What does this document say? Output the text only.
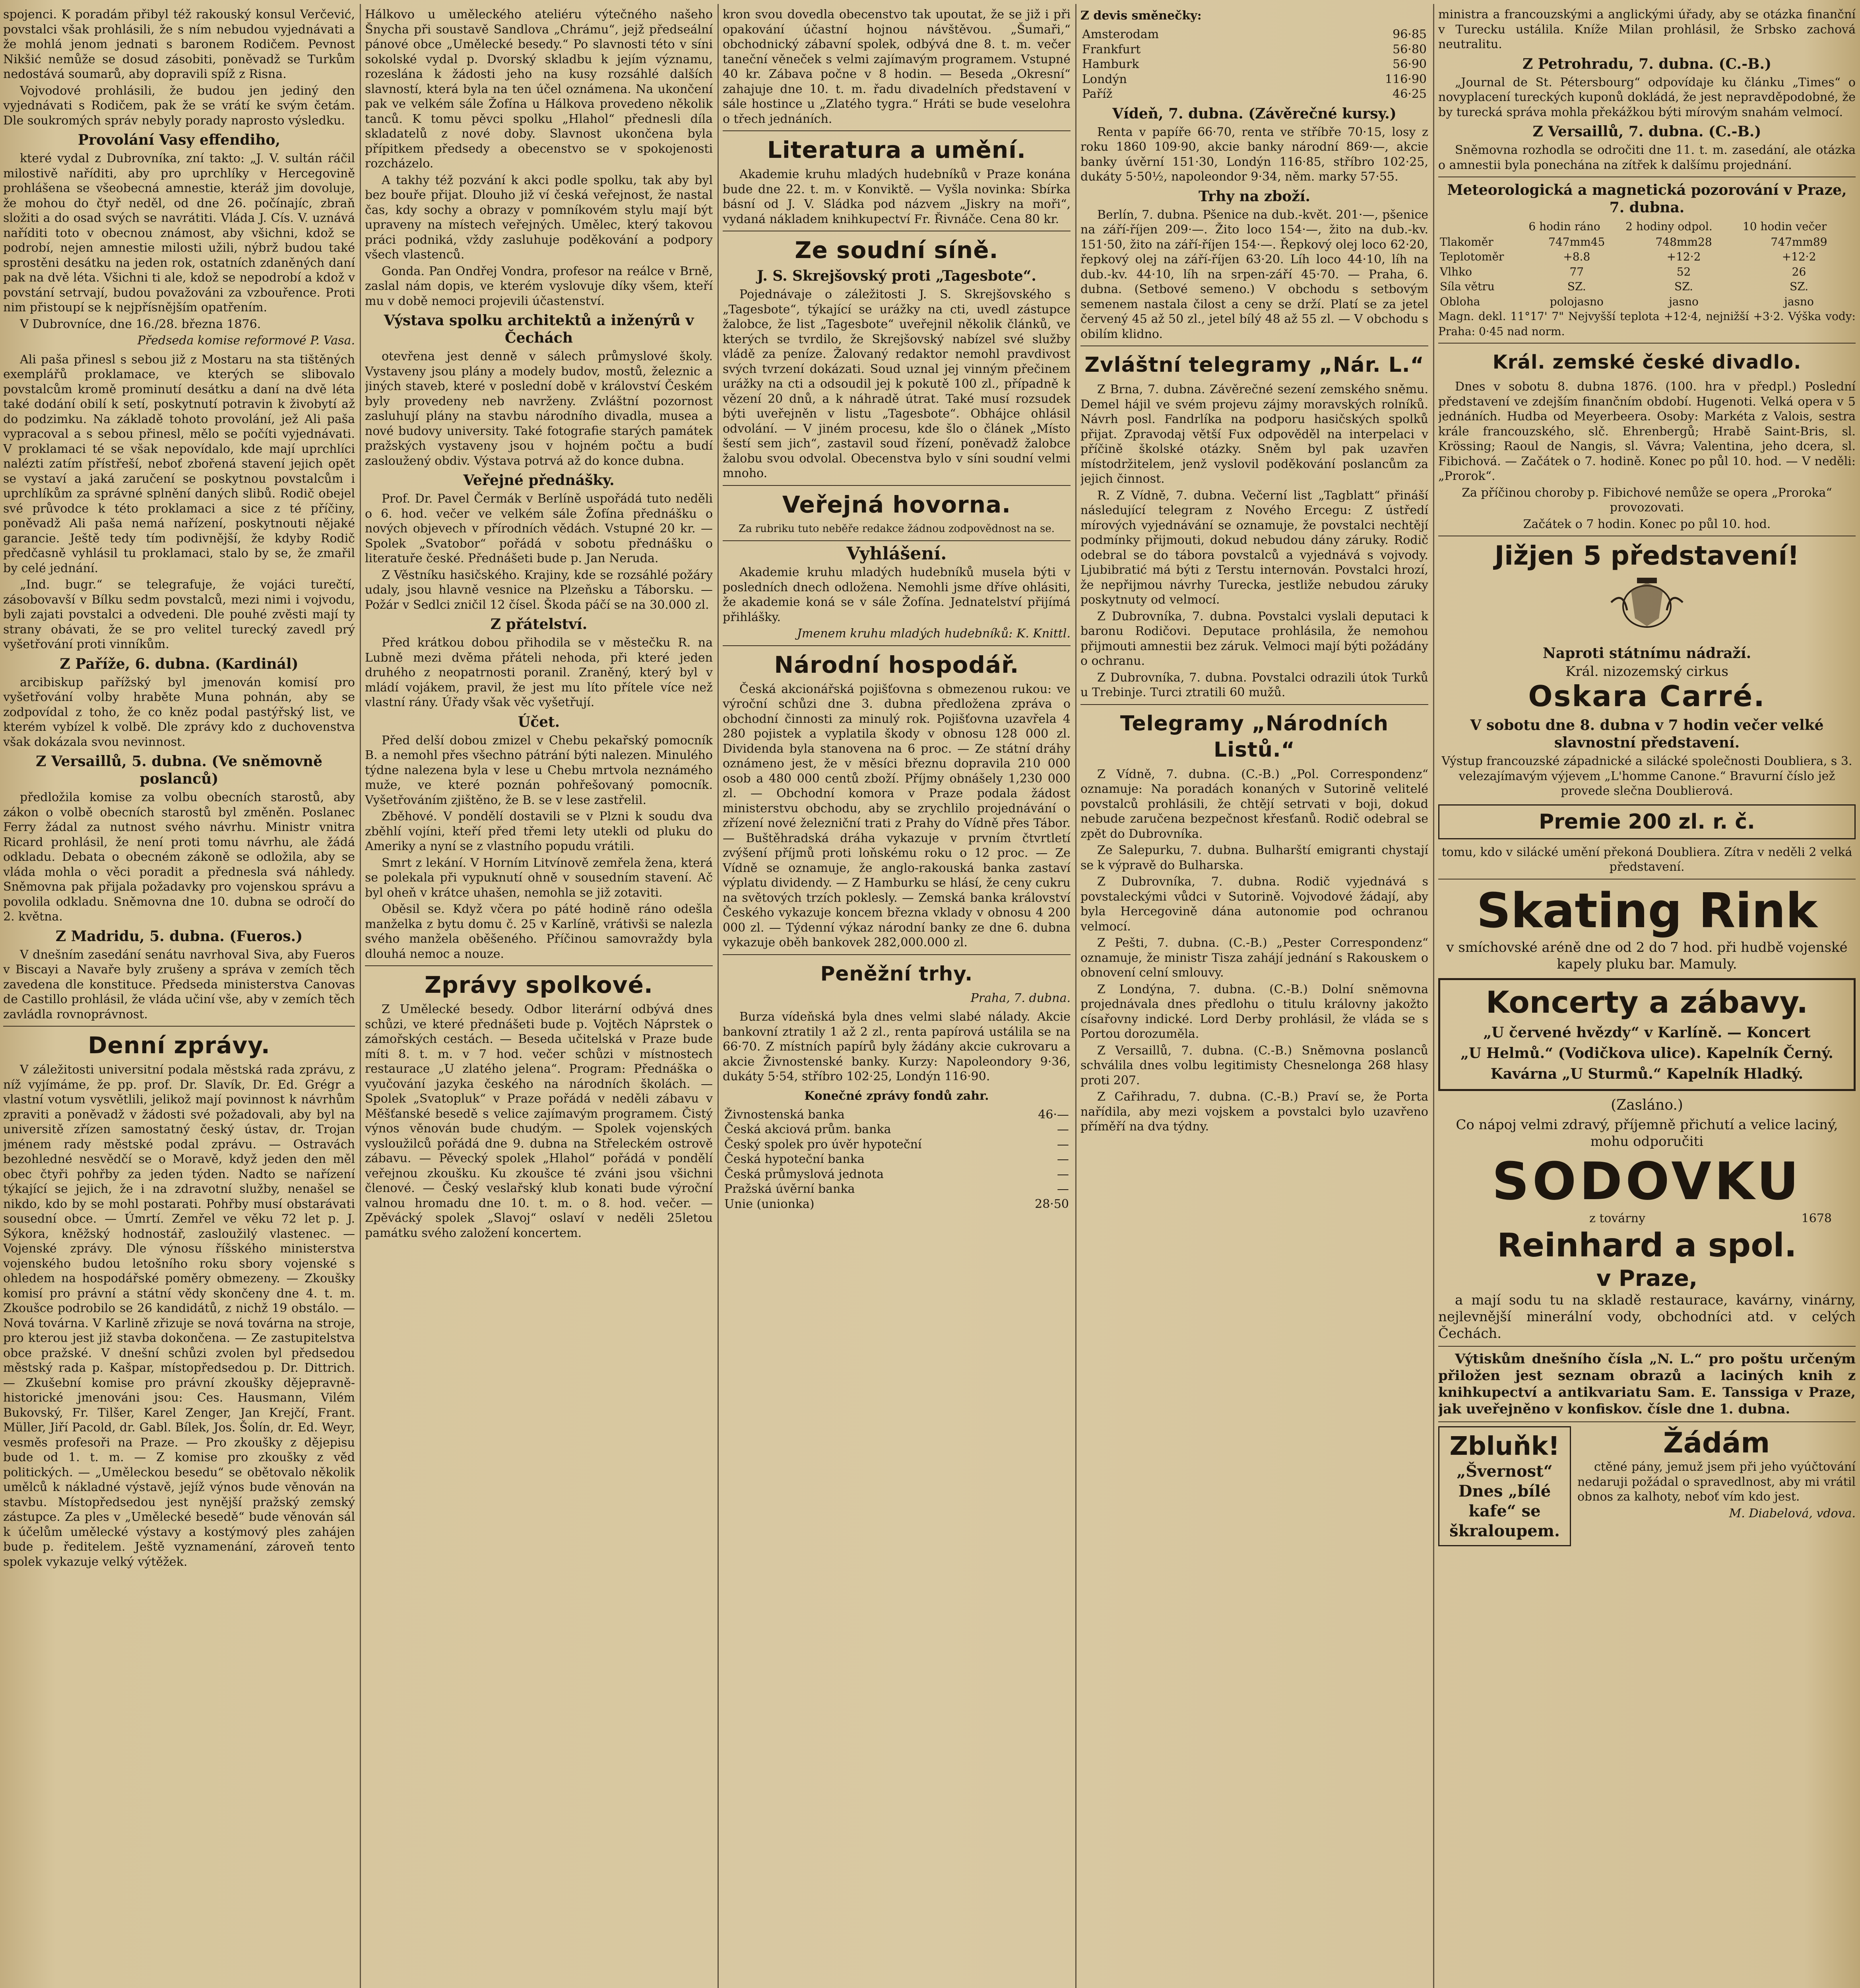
spojenci. K poradám přibyl též rakouský konsul Verčević, povstalci však prohlásili, že s ním nebudou vyjednávati a že mohlá jenom jednati s baronem Rodičem. Pevnost Nikšić nemůže se dosud zásobiti, poněvadž se Turkům nedostává soumarů, aby dopravili spíž z Risna.

Vojvodové prohlásili, že budou jen jediný den vyjednávati s Rodičem, pak že se vrátí ke svým četám. Dle soukromých správ nebyly porady naprosto výsledku.

Provolání Vasy effendiho,

které vydal z Dubrovníka, zní takto: „J. V. sultán ráčil milostivě naříditi, aby pro uprchlíky v Hercegovině prohlášena se všeobecná amnestie, kteráž jim dovoluje, že mohou do čtyř neděl, od dne 26. počínajíc, zbraň složiti a do osad svých se navrátiti. Vláda J. Cís. V. uznává naříditi toto v obecnou známost, aby všichni, kdož se podrobí, nejen amnestie milosti užili, nýbrž budou také sprostěni desátku na jeden rok, ostatních zdaněných daní pak na dvě léta. Všichni ti ale, kdož se nepodrobí a kdož v povstání setrvají, budou považováni za vzbouřence. Proti nim přistoupí se k nejpřísnějším opatřením.

V Dubrovníce, dne 16./28. března 1876.

Předseda komise reformové P. Vasa.

Ali paša přinesl s sebou již z Mostaru na sta tištěných exemplářů proklamace, ve kterých se slibovalo povstalcům kromě prominutí desátku a daní na dvě léta také dodání obilí k setí, poskytnutí potravin k živobytí až do podzimku. Na základě tohoto provolání, jež Ali paša vypracoval a s sebou přinesl, mělo se počíti vyjednávati. V proklamaci té se však nepovídalo, kde mají uprchlíci nalézti zatím přístřeší, neboť zbořená stavení jejich opět se vystaví a jaká zaručení se poskytnou povstalcům i uprchlíkům za správné splnění daných slibů. Rodič obejel své průvodce k této proklamaci a sice z té příčiny, poněvadž Ali paša nemá nařízení, poskytnouti nějaké garancie. Ještě tedy tím podivnější, že kdyby Rodič předčasně vyhlásil tu proklamaci, stalo by se, že zmařil by celé jednání.

„Ind. bugr.“ se telegrafuje, že vojáci turečtí, zásobovavší v Bílku sedm povstalců, mezi nimi i vojvodu, byli zajati povstalci a odvedeni. Dle pouhé zvěsti mají ty strany obávati, že se pro velitel turecký zavedl prý vyšetřování proti vinníkům.

Z Paříže, 6. dubna. (Kardinál)

arcibiskup pařížský byl jmenován komisí pro vyšetřování volby hraběte Muna pohnán, aby se zodpovídal z toho, že co kněz podal pastýřský list, ve kterém vybízel k volbě. Dle zprávy kdo z duchovenstva však dokázala svou nevinnost.

Z Versaillů, 5. dubna. (Ve sněmovně poslanců)

předložila komise za volbu obecních starostů, aby zákon o volbě obecních starostů byl změněn. Poslanec Ferry žádal za nutnost svého návrhu. Ministr vnitra Ricard prohlásil, že není proti tomu návrhu, ale žádá odkladu. Debata o obecném zákoně se odložila, aby se vláda mohla o věci poradit a přednesla svá náhledy. Sněmovna pak přijala požadavky pro vojenskou správu a povolila odkladu. Sněmovna dne 10. dubna se odročí do 2. května.

Z Madridu, 5. dubna. (Fueros.)

V dnešním zasedání senátu navrhoval Siva, aby Fueros v Biscayi a Navaře byly zrušeny a správa v zemích těch zavedena dle konstituce. Předseda ministerstva Canovas de Castillo prohlásil, že vláda učiní vše, aby v zemích těch zavládla rovnoprávnost.

Denní zprávy.

V záležitosti universitní podala městská rada zprávu, z níž vyjímáme, že pp. prof. Dr. Slavík, Dr. Ed. Grégr a vlastní votum vysvětlili, jelikož mají povinnost k návrhům zpraviti a poněvadž v žádosti své požadovali, aby byl na universitě zřízen samostatný český ústav, dr. Trojan jménem rady městské podal zprávu. — Ostravách bezohledné nesvědčí se o Moravě, když jeden den měl obec čtyři pohřby za jeden týden. Nadto se nařízení týkající se jejich, že i na zdravotní služby, nenašel se nikdo, kdo by se mohl postarati. Pohřby musí obstarávati sousední obce. — Úmrtí. Zemřel ve věku 72 let p. J. Sýkora, kněžský hodnostář, zasloužilý vlastenec. — Vojenské zprávy. Dle výnosu říšského ministerstva vojenského budou letošního roku sbory vojenské s ohledem na hospodářské poměry obmezeny. — Zkoušky komisí pro právní a státní vědy skončeny dne 4. t. m. Zkoušce podrobilo se 26 kandidátů, z nichž 19 obstálo. — Nová továrna. V Karlině zřizuje se nová továrna na stroje, pro kterou jest již stavba dokončena. — Ze zastupitelstva obce pražské. V dnešní schůzi zvolen byl předsedou městský rada p. Kašpar, místopředsedou p. Dr. Dittrich. — Zkušební komise pro právní zkoušky dějepravně-historické jmenováni jsou: Ces. Hausmann, Vilém Bukovský, Fr. Tilšer, Karel Zenger, Jan Krejčí, Frant. Müller, Jiří Pacold, dr. Gabl. Bílek, Jos. Šolín, dr. Ed. Weyr, vesměs profesoři na Praze. — Pro zkoušky z dějepisu bude od 1. t. m. — Z komise pro zkoušky z věd politických. — „Uměleckou besedu“ se obětovalo několik umělců k nákladné výstavě, jejíž výnos bude věnován na stavbu. Místopředsedou jest nynější pražský zemský zástupce. Za ples v „Umělecké besedě“ bude věnován sál k účelům umělecké výstavy a kostýmový ples zahájen bude p. ředitelem. Ještě vyznamenání, zároveň tento spolek vykazuje velký výtěžek.

Hálkovo u uměleckého ateliéru výtečného našeho Šnycha při soustavě Sandlova „Chrámu“, jejž předseální pánové obce „Umělecké besedy.“ Po slavnosti této v síni sokolské vydal p. Dvorský skladbu k jejím významu, rozeslána k žádosti jeho na kusy rozsáhlé dalších slavností, která byla na ten účel oznámena. Na ukončení pak ve velkém sále Žofína u Hálkova provedeno několik tanců. K tomu pěvci spolku „Hlahol“ přednesli díla skladatelů z nové doby. Slavnost ukončena byla přípitkem předsedy a obecenstvo se v spokojenosti rozcházelo.

A takhy též pozvání k akci podle spolku, tak aby byl bez bouře přijat. Dlouho již ví česká veřejnost, že nastal čas, kdy sochy a obrazy v pomníkovém stylu mají být upraveny na místech veřejných. Umělec, který takovou práci podniká, vždy zasluhuje poděkování a podpory všech vlastenců.

Gonda. Pan Ondřej Vondra, profesor na reálce v Brně, zaslal nám dopis, ve kterém vyslovuje díky všem, kteří mu v době nemoci projevili účastenství.

Výstava spolku architektů a inženýrů v Čechách

otevřena jest denně v sálech průmyslové školy. Vystaveny jsou plány a modely budov, mostů, železnic a jiných staveb, které v poslední době v království Českém byly provedeny neb navrženy. Zvláštní pozornost zasluhují plány na stavbu národního divadla, musea a nové budovy university. Také fotografie starých památek pražských vystaveny jsou v hojném počtu a budí zasloužený obdiv. Výstava potrvá až do konce dubna.

Veřejné přednášky.

Prof. Dr. Pavel Čermák v Berlíně uspořádá tuto neděli o 6. hod. večer ve velkém sále Žofína přednášku o nových objevech v přírodních vědách. Vstupné 20 kr. — Spolek „Svatobor“ pořádá v sobotu přednášku o literatuře české. Přednášeti bude p. Jan Neruda.

Z Věstníku hasičského. Krajiny, kde se rozsáhlé požáry udaly, jsou hlavně vesnice na Plzeňsku a Táborsku. — Požár v Sedlci zničil 12 čísel. Škoda páčí se na 30.000 zl.

Z přátelství.

Před krátkou dobou přihodila se v městečku R. na Lubně mezi dvěma přáteli nehoda, při které jeden druhého z neopatrnosti poranil. Zraněný, který byl v mládí vojákem, pravil, že jest mu líto přítele více než vlastní rány. Úřady však věc vyšetřují.

Účet.

Před delší dobou zmizel v Chebu pekařský pomocník B. a nemohl přes všechno pátrání býti nalezen. Minulého týdne nalezena byla v lese u Chebu mrtvola neznámého muže, ve které poznán pohřešovaný pomocník. Vyšetřováním zjištěno, že B. se v lese zastřelil.

Zběhové. V pondělí dostavili se v Plzni k soudu dva zběhlí vojíni, kteří před třemi lety utekli od pluku do Ameriky a nyní se z vlastního popudu vrátili.

Smrt z lekání. V Horním Litvínově zemřela žena, která se polekala při vypuknutí ohně v sousedním stavení. Ač byl oheň v krátce uhašen, nemohla se již zotaviti.

Oběsil se. Když včera po páté hodině ráno odešla manželka z bytu domu č. 25 v Karlíně, vrátivši se nalezla svého manžela oběšeného. Příčinou samovraždy byla dlouhá nemoc a nouze.

Zprávy spolkové.

Z Umělecké besedy. Odbor literární odbývá dnes schůzi, ve které přednášeti bude p. Vojtěch Náprstek o zámořských cestách. — Beseda učitelská v Praze bude míti 8. t. m. v 7 hod. večer schůzi v místnostech restaurace „U zlatého jelena“. Program: Přednáška o vyučování jazyka českého na národních školách. — Spolek „Svatopluk“ v Praze pořádá v neděli zábavu v Měšťanské besedě s velice zajímavým programem. Čistý výnos věnován bude chudým. — Spolek vojenských vysloužilců pořádá dne 9. dubna na Střeleckém ostrově zábavu. — Pěvecký spolek „Hlahol“ pořádá v pondělí veřejnou zkoušku. Ku zkoušce té zváni jsou všichni členové. — Český veslařský klub konati bude výroční valnou hromadu dne 10. t. m. o 8. hod. večer. — Zpěvácký spolek „Slavoj“ oslaví v neděli 25letou památku svého založení koncertem.

kron svou dovedla obecenstvo tak upoutat, že se již i při opakování účastní hojnou návštěvou. „Šumaři,“ obchodnický zábavní spolek, odbývá dne 8. t. m. večer taneční věneček s velmi zajímavým programem. Vstupné 40 kr. Zábava počne v 8 hodin. — Beseda „Okresní“ zahajuje dne 10. t. m. řadu divadelních představení v sále hostince u „Zlatého tygra.“ Hráti se bude veselohra o třech jednáních.

Literatura a umění.

Akademie kruhu mladých hudebníků v Praze konána bude dne 22. t. m. v Konviktě. — Vyšla novinka: Sbírka básní od J. V. Sládka pod názvem „Jiskry na moři“, vydaná nákladem knihkupectví Fr. Řivnáče. Cena 80 kr.

Ze soudní síně.
J. S. Skrejšovský proti „Tagesbote“.

Pojednávaje o záležitosti J. S. Skrejšovského s „Tagesbote“, týkající se urážky na cti, uvedl zástupce žalobce, že list „Tagesbote“ uveřejnil několik článků, ve kterých se tvrdilo, že Skrejšovský nabízel své služby vládě za peníze. Žalovaný redaktor nemohl pravdivost svých tvrzení dokázati. Soud uznal jej vinným přečinem urážky na cti a odsoudil jej k pokutě 100 zl., případně k vězení 20 dnů, a k náhradě útrat. Také musí rozsudek býti uveřejněn v listu „Tagesbote“. Obhájce ohlásil odvolání. — V jiném procesu, kde šlo o článek „Místo šestí sem jich“, zastavil soud řízení, poněvadž žalobce žalobu svou odvolal. Obecenstva bylo v síni soudní velmi mnoho.

Veřejná hovorna.

Za rubriku tuto neběře redakce žádnou zodpovědnost na se.

Vyhlášení.

Akademie kruhu mladých hudebníků musela býti v posledních dnech odložena. Nemohli jsme dříve ohlásiti, že akademie koná se v sále Žofína. Jednatelství přijímá přihlášky.

Jmenem kruhu mladých hudebníků: K. Knittl.
Národní hospodář.

Česká akcionářská pojišťovna s obmezenou rukou: ve výroční schůzi dne 3. dubna předložena zpráva o obchodní činnosti za minulý rok. Pojišťovna uzavřela 4 280 pojistek a vyplatila škody v obnosu 128 000 zl. Dividenda byla stanovena na 6 proc. — Ze státní dráhy oznámeno jest, že v měsíci březnu dopravila 210 000 osob a 480 000 centů zboží. Příjmy obnášely 1,230 000 zl. — Obchodní komora v Praze podala žádost ministerstvu obchodu, aby se zrychlilo projednávání o zřízení nové železniční trati z Prahy do Vídně přes Tábor. — Buštěhradská dráha vykazuje v prvním čtvrtletí zvýšení příjmů proti loňskému roku o 12 proc. — Ze Vídně se oznamuje, že anglo-rakouská banka zastaví výplatu dividendy. — Z Hamburku se hlásí, že ceny cukru na světových trzích poklesly. — Zemská banka království Českého vykazuje koncem března vklady v obnosu 4 200 000 zl. — Týdenní výkaz národní banky ze dne 6. dubna vykazuje oběh bankovek 282,000.000 zl.

Peněžní trhy.
Praha, 7. dubna.

Burza vídeňská byla dnes velmi slabé nálady. Akcie bankovní ztratily 1 až 2 zl., renta papírová ustálila se na 66·70. Z místních papírů byly žádány akcie cukrovaru a akcie Živnostenské banky. Kurzy: Napoleondory 9·36, dukáty 5·54, stříbro 102·25, Londýn 116·90.

Konečné zprávy fondů zahr.
Živnostenská banka	46·—
Česká akciová prům. banka	—
Český spolek pro úvěr hypoteční	—
Česká hypoteční banka	—
Česká průmyslová jednota	—
Pražská úvěrní banka	—
Unie (unionka)	28·50
Z devis směnečky:
Amsterodam	96·85
Frankfurt	56·80
Hamburk	56·90
Londýn	116·90
Paříž	46·25
Vídeň, 7. dubna. (Závěrečné kursy.)

Renta v papíře 66·70, renta ve stříbře 70·15, losy z roku 1860 109·90, akcie banky národní 869·—, akcie banky úvěrní 151·30, Londýn 116·85, stříbro 102·25, dukáty 5·50½, napoleondor 9·34, něm. marky 57·55.

Trhy na zboží.

Berlín, 7. dubna. Pšenice na dub.-květ. 201·—, pšenice na září-říjen 209·—. Žito loco 154·—, žito na dub.-kv. 151·50, žito na září-říjen 154·—. Řepkový olej loco 62·20, řepkový olej na září-říjen 63·20. Líh loco 44·10, líh na dub.-kv. 44·10, líh na srpen-září 45·70. — Praha, 6. dubna. (Setbové semeno.) V obchodu s setbovým semenem nastala čilost a ceny se drží. Platí se za jetel červený 45 až 50 zl., jetel bílý 48 až 55 zl. — V obchodu s obilím klidno.

Zvláštní telegramy „Nár. L.“

Z Brna, 7. dubna. Závěrečné sezení zemského sněmu. Demel hájil ve svém projevu zájmy moravských rolníků. Návrh posl. Fandrlíka na podporu hasičských spolků přijat. Zpravodaj větší Fux odpověděl na interpelaci v příčině školské otázky. Sněm byl pak uzavřen místodržitelem, jenž vyslovil poděkování poslancům za jejich činnost.

R. Z Vídně, 7. dubna. Večerní list „Tagblatt“ přináší následující telegram z Nového Ercegu: Z ústředí mírových vyjednávání se oznamuje, že povstalci nechtějí podmínky přijmouti, dokud nebudou dány záruky. Rodič odebral se do tábora povstalců a vyjednává s vojvody. Ljubibratić má býti z Terstu internován. Povstalci hrozí, že nepřijmou návrhy Turecka, jestliže nebudou záruky poskytnuty od velmocí.

Z Dubrovníka, 7. dubna. Povstalci vyslali deputaci k baronu Rodičovi. Deputace prohlásila, že nemohou přijmouti amnestii bez záruk. Velmoci mají býti požádány o ochranu.

Z Dubrovníka, 7. dubna. Povstalci odrazili útok Turků u Trebinje. Turci ztratili 60 mužů.

Telegramy „Národních Listů.“

Z Vídně, 7. dubna. (C.-B.) „Pol. Correspondenz“ oznamuje: Na poradách konaných v Sutorině velitelé povstalců prohlásili, že chtějí setrvati v boji, dokud nebude zaručena bezpečnost křesťanů. Rodič odebral se zpět do Dubrovníka.

Ze Salepurku, 7. dubna. Bulharští emigranti chystají se k výpravě do Bulharska.

Z Dubrovníka, 7. dubna. Rodič vyjednává s povstaleckými vůdci v Sutorině. Vojvodové žádají, aby byla Hercegovině dána autonomie pod ochranou velmocí.

Z Pešti, 7. dubna. (C.-B.) „Pester Correspondenz“ oznamuje, že ministr Tisza zahájí jednání s Rakouskem o obnovení celní smlouvy.

Z Londýna, 7. dubna. (C.-B.) Dolní sněmovna projednávala dnes předlohu o titulu královny jakožto císařovny indické. Lord Derby prohlásil, že vláda se s Portou dorozuměla.

Z Versaillů, 7. dubna. (C.-B.) Sněmovna poslanců schválila dnes volbu legitimisty Chesnelonga 268 hlasy proti 207.

Z Cařihradu, 7. dubna. (C.-B.) Praví se, že Porta nařídila, aby mezi vojskem a povstalci bylo uzavřeno příměří na dva týdny.

ministra a francouzskými a anglickými úřady, aby se otázka finanční v Turecku ustálila. Kníže Milan prohlásil, že Srbsko zachová neutralitu.

Z Petrohradu, 7. dubna. (C.-B.)

„Journal de St. Pétersbourg“ odpovídaje ku článku „Times“ o novyplacení tureckých kuponů dokládá, že jest nepravděpodobné, že by turecká správa mohla překážkou býti mírovým snahám velmocí.

Z Versaillů, 7. dubna. (C.-B.)

Sněmovna rozhodla se odročiti dne 11. t. m. zasedání, ale otázka o amnestii byla ponechána na zítřek k dalšímu projednání.

Meteorologická a magnetická pozorování v Praze, 7. dubna.
	6 hodin ráno	2 hodiny odpol.	10 hodin večer
Tlakoměr	747mm45	748mm28	747mm89
Teplotoměr	+8.8	+12·2	+12·2
Vlhko	77	52	26
Síla větru	SZ.	SZ.	SZ.
Obloha	polojasno	jasno	jasno

Magn. dekl. 11°17' 7" Nejvyšší teplota +12·4, nejnižší +3·2. Výška vody: Praha: 0·45 nad norm.

Král. zemské české divadlo.

Dnes v sobotu 8. dubna 1876. (100. hra v předpl.) Poslední představení ve zdejším finančním období. Hugenoti. Velká opera v 5 jednáních. Hudba od Meyerbeera. Osoby: Markéta z Valois, sestra krále francouzského, slč. Ehrenbergů; Hrabě Saint-Bris, sl. Krössing; Raoul de Nangis, sl. Vávra; Valentina, jeho dcera, sl. Fibichová. — Začátek o 7. hodině. Konec po půl 10. hod. — V neděli: „Prorok“.

Za příčinou choroby p. Fibichové nemůže se opera „Proroka“ provozovati.

Začátek o 7 hodin. Konec po půl 10. hod.

Jižjen 5 představení!
Naproti státnímu nádraží.
Král. nizozemský cirkus
Oskara Carré.
V sobotu dne 8. dubna v 7 hodin večer velké slavnostní představení.

Výstup francouzské západnické a silácké společnosti Doubliera, s 3. velezajímavým výjevem „L'homme Canone.“ Bravurní číslo jež provede slečna Doublierová.

Premie 200 zl. r. č.

tomu, kdo v silácké umění překoná Doubliera. Zítra v neděli 2 velká představení.

Skating Rink

v smíchovské aréně dne od 2 do 7 hod. při hudbě vojenské kapely pluku bar. Mamuly.

Koncerty a zábavy.
„U červené hvězdy“ v Karlíně. — Koncert
„U Helmů.“ (Vodičkova ulice). Kapelník Černý.
Kavárna „U Sturmů.“ Kapelník Hladký.
(Zasláno.)

Co nápoj velmi zdravý, příjemně přichutí a velice laciný, mohu odporučiti

SODOVKU
z továrny	1678
Reinhard a spol.
v Praze,

a mají sodu tu na skladě restaurace, kavárny, vinárny, nejlevnější minerální vody, obchodníci atd. v celých Čechách.

Výtiskům dnešního čísla „N. L.“ pro poštu určeným přiložen jest seznam obrazů a laciných knih z knihkupectví a antikvariatu Sam. E. Tanssiga v Praze, jak uveřejněno v konfiskov. čísle dne 1. dubna.

Zbluňk!
„Švernost“ Dnes „bílé kafe“ se škraloupem.
Žádám

ctěné pány, jemuž jsem při jeho vyúčtování nedaruji požádal o spravedlnost, aby mi vrátil obnos za kalhoty, neboť vím kdo jest.

M. Diabelová, vdova.
